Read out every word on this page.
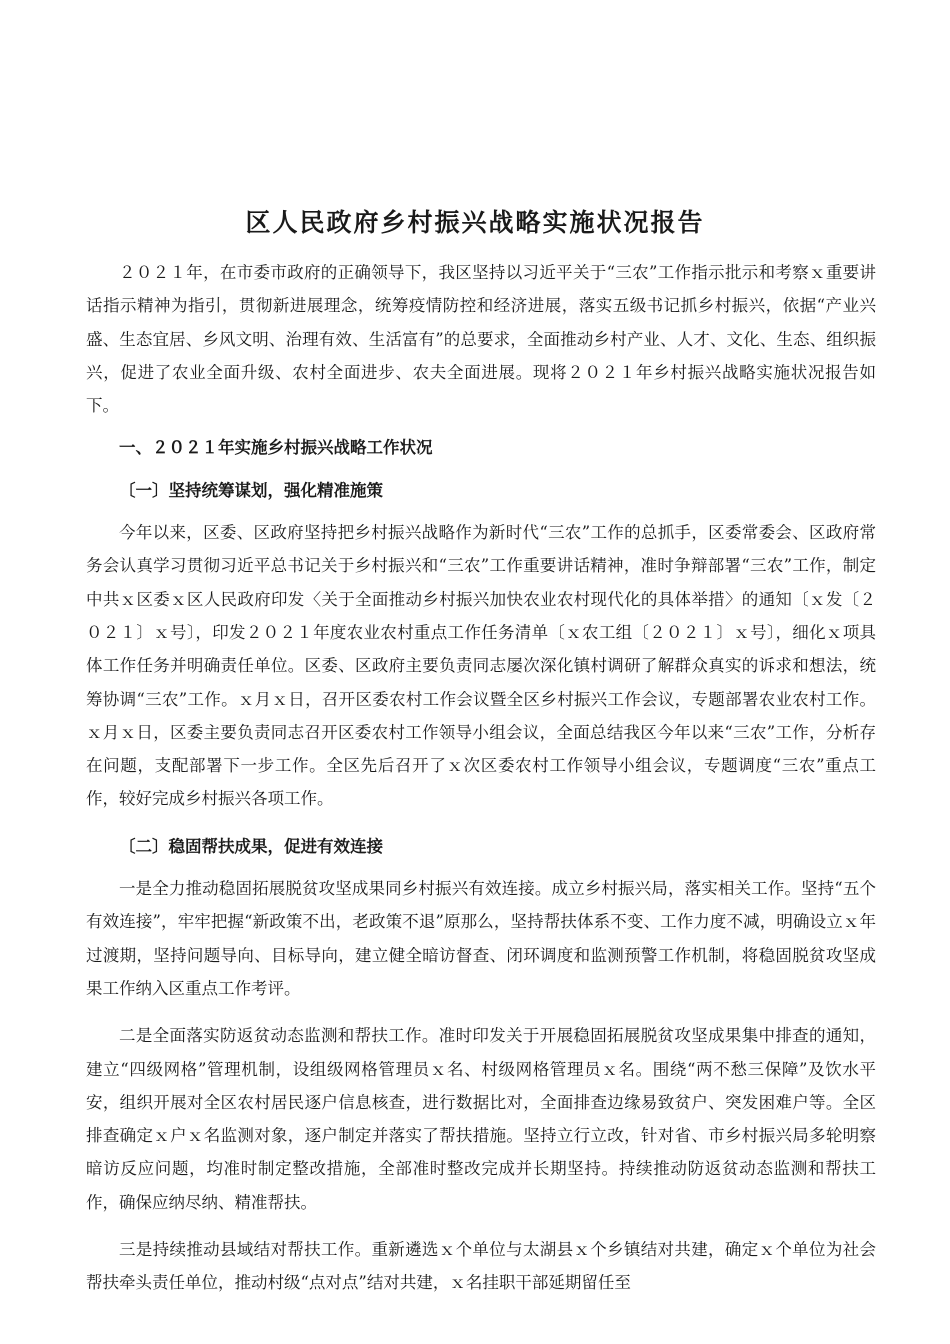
区人民政府乡村振兴战略实施状况报告

２０２１年，在市委市政府的正确领导下，我区坚持以习近平关于“三农”工作指示批示和考察ｘ重要讲话指示精神为指引，贯彻新进展理念，统筹疫情防控和经济进展，落实五级书记抓乡村振兴，依据“产业兴盛、生态宜居、乡风文明、治理有效、生活富有”的总要求，全面推动乡村产业、人才、文化、生态、组织振兴，促进了农业全面升级、农村全面进步、农夫全面进展。现将２０２１年乡村振兴战略实施状况报告如下。

一、２０２１年实施乡村振兴战略工作状况

〔一〕坚持统筹谋划，强化精准施策

今年以来，区委、区政府坚持把乡村振兴战略作为新时代“三农”工作的总抓手，区委常委会、区政府常务会认真学习贯彻习近平总书记关于乡村振兴和“三农”工作重要讲话精神，准时争辩部署“三农”工作，制定中共ｘ区委ｘ区人民政府印发〈关于全面推动乡村振兴加快农业农村现代化的具体举措〉的通知〔ｘ发〔２０２１〕ｘ号〕，印发２０２１年度农业农村重点工作任务清单〔ｘ农工组〔２０２１〕ｘ号〕，细化ｘ项具体工作任务并明确责任单位。区委、区政府主要负责同志屡次深化镇村调研了解群众真实的诉求和想法，统筹协调“三农”工作。ｘ月ｘ日，召开区委农村工作会议暨全区乡村振兴工作会议，专题部署农业农村工作。ｘ月ｘ日，区委主要负责同志召开区委农村工作领导小组会议，全面总结我区今年以来“三农”工作，分析存在问题，支配部署下一步工作。全区先后召开了ｘ次区委农村工作领导小组会议，专题调度“三农”重点工作，较好完成乡村振兴各项工作。

〔二〕稳固帮扶成果，促进有效连接

一是全力推动稳固拓展脱贫攻坚成果同乡村振兴有效连接。成立乡村振兴局，落实相关工作。坚持“五个有效连接”，牢牢把握“新政策不出，老政策不退”原那么，坚持帮扶体系不变、工作力度不减，明确设立ｘ年过渡期，坚持问题导向、目标导向，建立健全暗访督查、闭环调度和监测预警工作机制，将稳固脱贫攻坚成果工作纳入区重点工作考评。

二是全面落实防返贫动态监测和帮扶工作。准时印发关于开展稳固拓展脱贫攻坚成果集中排查的通知，建立“四级网格”管理机制，设组级网格管理员ｘ名、村级网格管理员ｘ名。围绕“两不愁三保障”及饮水平安，组织开展对全区农村居民逐户信息核查，进行数据比对，全面排查边缘易致贫户、突发困难户等。全区排查确定ｘ户ｘ名监测对象，逐户制定并落实了帮扶措施。坚持立行立改，针对省、市乡村振兴局多轮明察暗访反应问题，均准时制定整改措施，全部准时整改完成并长期坚持。持续推动防返贫动态监测和帮扶工作，确保应纳尽纳、精准帮扶。

三是持续推动县域结对帮扶工作。重新遴选ｘ个单位与太湖县ｘ个乡镇结对共建，确定ｘ个单位为社会帮扶牵头责任单位，推动村级“点对点”结对共建，ｘ名挂职干部延期留任至
